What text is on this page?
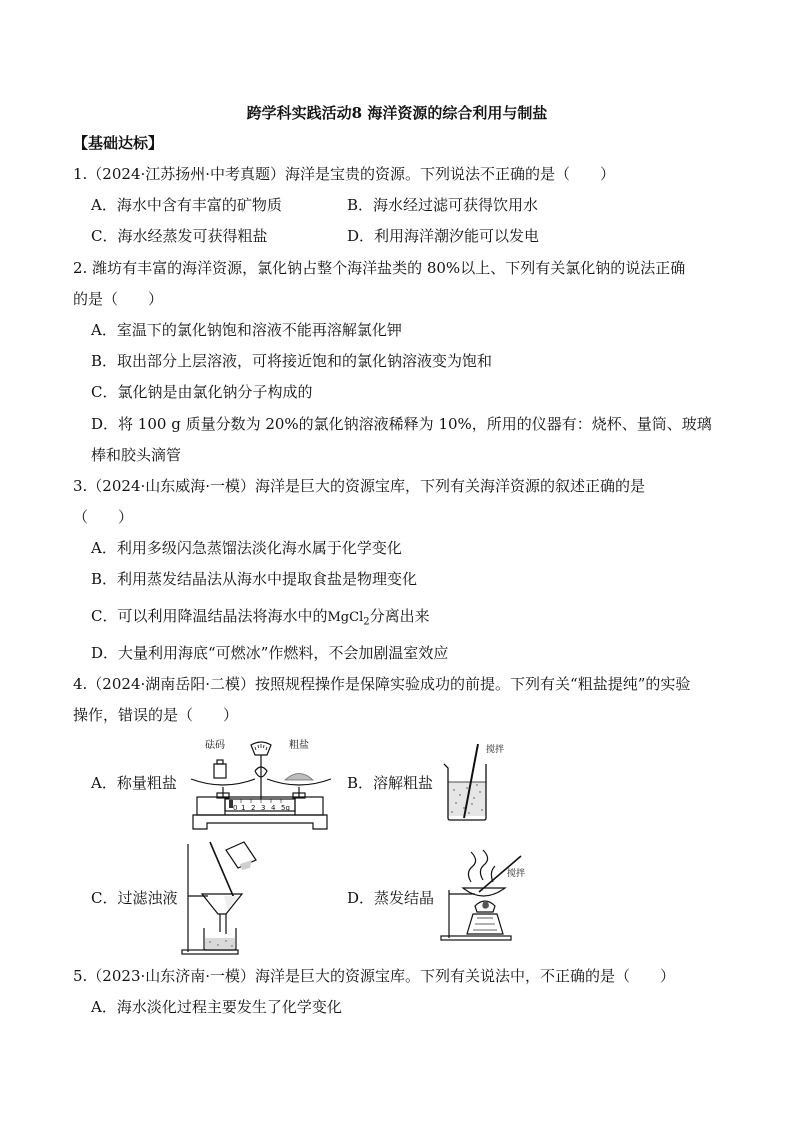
跨学科实践活动8 海洋资源的综合利用与制盐
【基础达标】
1.（2024·江苏扬州·中考真题）海洋是宝贵的资源。下列说法不正确的是（　　）
A．海水中含有丰富的矿物质	B．海水经过滤可获得饮用水
C．海水经蒸发可获得粗盐	D．利用海洋潮汐能可以发电
2. 潍坊有丰富的海洋资源，氯化钠占整个海洋盐类的 80%以上、下列有关氯化钠的说法正确
的是（　　）
A．室温下的氯化钠饱和溶液不能再溶解氯化钾
B．取出部分上层溶液，可将接近饱和的氯化钠溶液变为饱和
C．氯化钠是由氯化钠分子构成的
D．将 100 g 质量分数为 20%的氯化钠溶液稀释为 10%，所用的仪器有：烧杯、量筒、玻璃
棒和胶头滴管
3.（2024·山东威海·一模）海洋是巨大的资源宝库，下列有关海洋资源的叙述正确的是
（　　）
A．利用多级闪急蒸馏法淡化海水属于化学变化
B．利用蒸发结晶法从海水中提取食盐是物理变化
C．可以利用降温结晶法将海水中的MgCl$_2$分离出来
D．大量利用海底“可燃冰”作燃料，不会加剧温室效应
4.（2024·湖南岳阳·二模）按照规程操作是保障实验成功的前提。下列有关“粗盐提纯”的实验
操作，错误的是（　　）
A．称量粗盐	B．溶解粗盐
C．过滤浊液	D．蒸发结晶
0 1 2 3 4 5g
砝码	粗盐	搅拌
搅拌
5.（2023·山东济南·一模）海洋是巨大的资源宝库。下列有关说法中，不正确的是（　　）
A．海水淡化过程主要发生了化学变化
